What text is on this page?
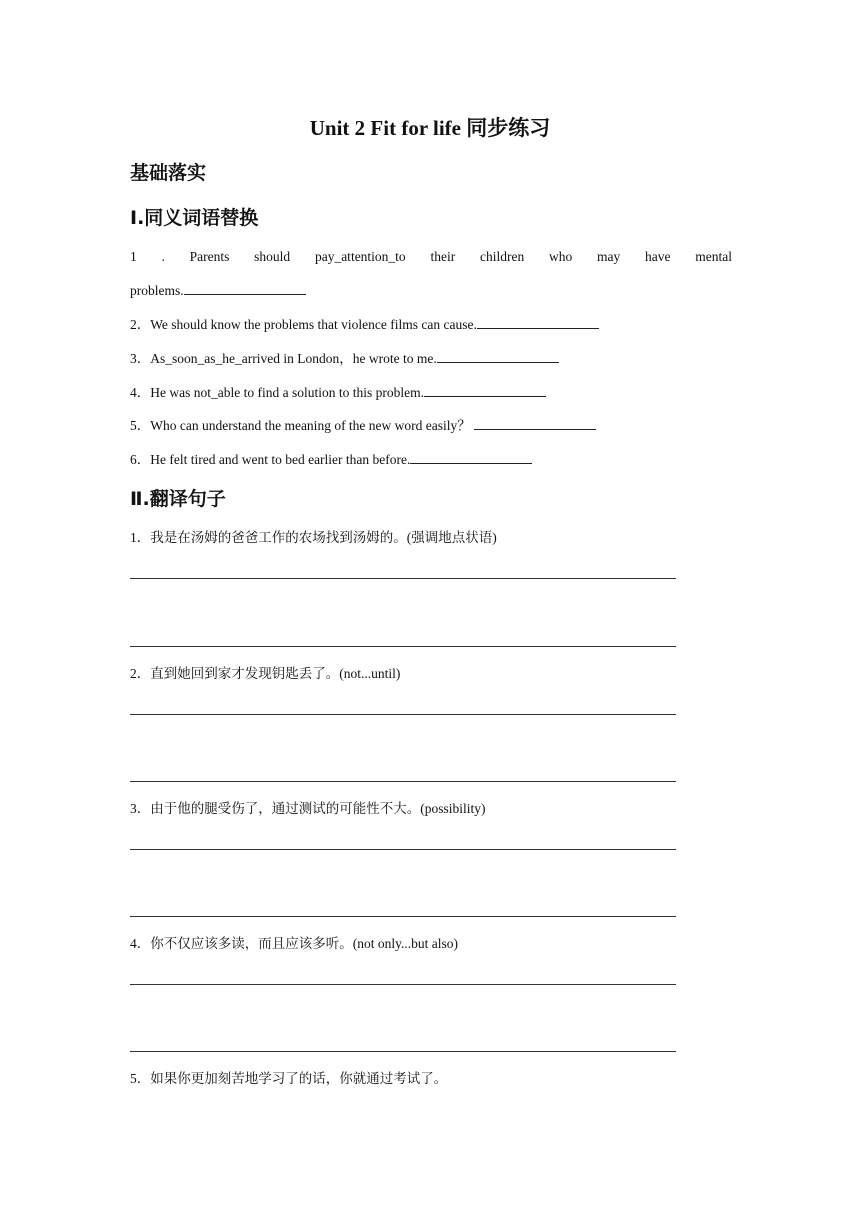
Unit 2 Fit for life 同步练习
基础落实
Ⅰ.同义词语替换
1 . Parents should pay_attention_to their children who may have mental
problems.
2．We should know the problems that violence films can cause.
3．As_soon_as_he_arrived in London，he wrote to me.
4．He was not_able to find a solution to this problem.
5．Who can understand the meaning of the new word easily？
6．He felt tired and went to bed earlier than before.
Ⅱ.翻译句子
1．我是在汤姆的爸爸工作的农场找到汤姆的。(强调地点状语)
2．直到她回到家才发现钥匙丢了。(not...until)
3．由于他的腿受伤了，通过测试的可能性不大。(possibility)
4．你不仅应该多读，而且应该多听。(not only...but also)
5．如果你更加刻苦地学习了的话，你就通过考试了。
